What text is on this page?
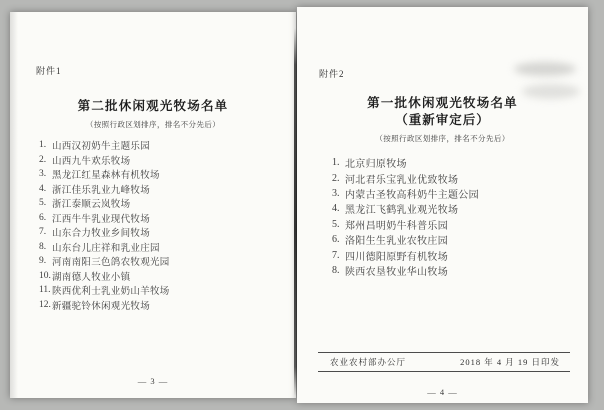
附件1
第二批休闲观光牧场名单
（按照行政区划排序，排名不分先后）
1. 山西汉初奶牛主题乐园
2. 山西九牛欢乐牧场
3. 黑龙江红星森林有机牧场
4. 浙江佳乐乳业九峰牧场
5. 浙江泰顺云岚牧场
6. 江西牛牛乳业现代牧场
7. 山东合力牧业乡间牧场
8. 山东台儿庄祥和乳业庄园
9. 河南南阳三色鸽农牧观光园
10. 湖南德人牧业小镇
11. 陕西优利士乳业奶山羊牧场
12. 新疆驼铃休闲观光牧场
— 3 —
附件2
第一批休闲观光牧场名单
（重新审定后）
（按照行政区划排序，排名不分先后）
1. 北京归原牧场
2. 河北君乐宝乳业优致牧场
3. 内蒙古圣牧高科奶牛主题公园
4. 黑龙江飞鹤乳业观光牧场
5. 郑州昌明奶牛科普乐园
6. 洛阳生生乳业农牧庄园
7. 四川德阳原野有机牧场
8. 陕西农垦牧业华山牧场
农业农村部办公厅	2018 年 4 月 19 日印发
— 4 —
